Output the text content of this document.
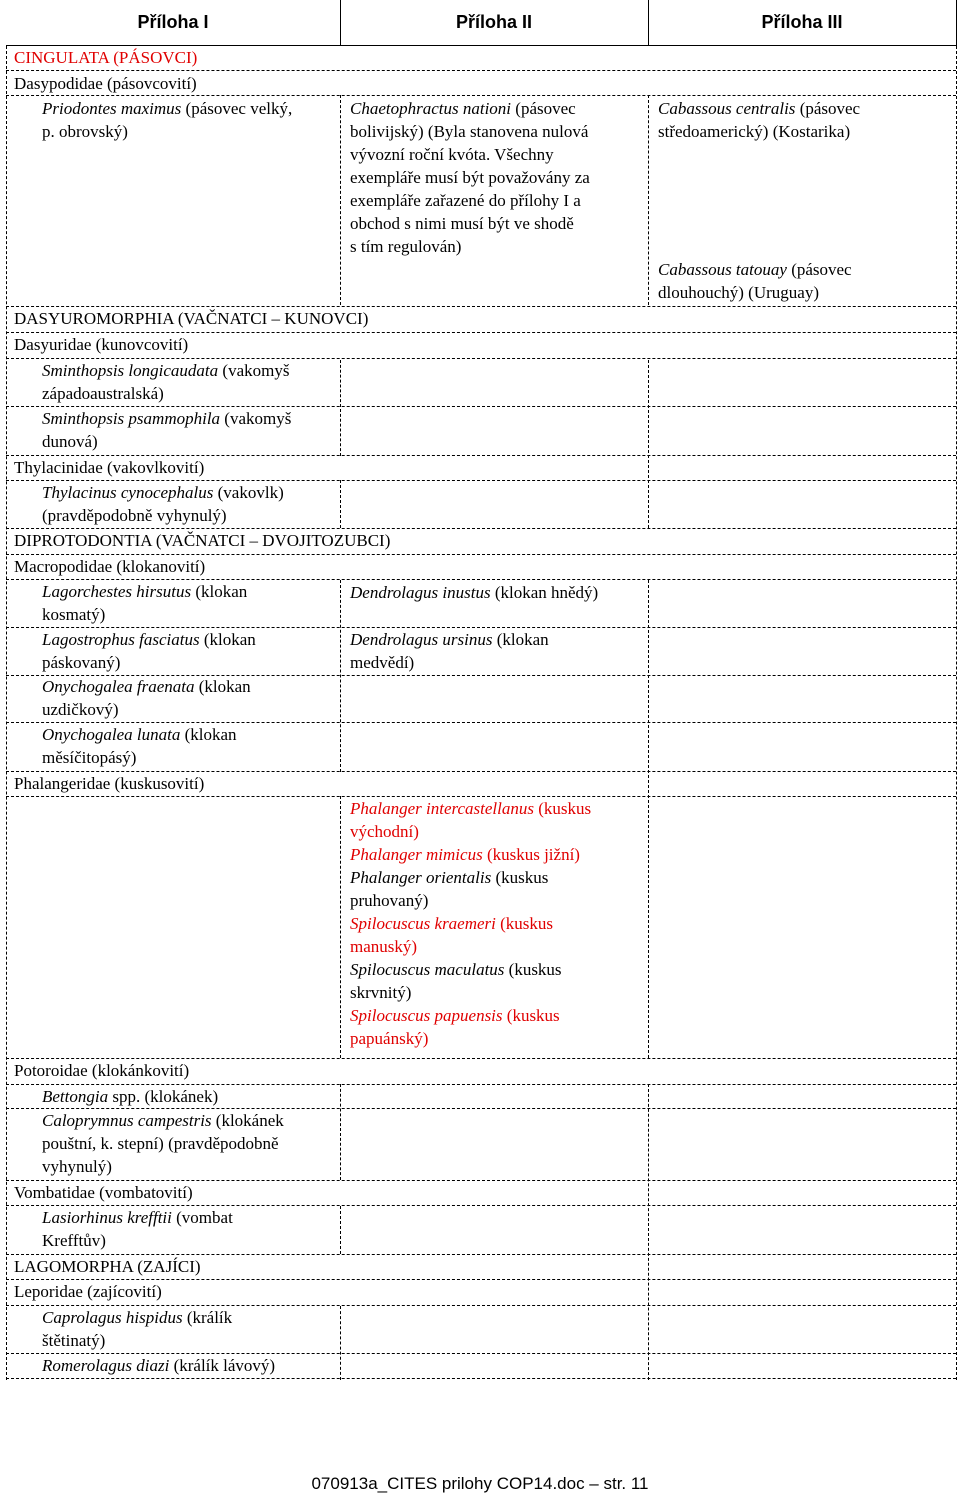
Příloha I	Příloha II	Příloha III
CINGULATA (PÁSOVCI)
Dasypodidae (pásovcovití)
Priodontes maximus (pásovec velký,
p. obrovský)
Chaetophractus nationi (pásovec
bolivijský) (Byla stanovena nulová
vývozní roční kvóta. Všechny
exempláře musí být považovány za
exempláře zařazené do přílohy I a
obchod s nimi musí být ve shodě
s tím regulován)
Cabassous centralis (pásovec
středoamerický) (Kostarika)
Cabassous tatouay (pásovec
dlouhouchý) (Uruguay)
DASYUROMORPHIA (VAČNATCI – KUNOVCI)
Dasyuridae (kunovcovití)
Sminthopsis longicaudata (vakomyš
západoaustralská)
Sminthopsis psammophila (vakomyš
dunová)
Thylacinidae (vakovlkovití)
Thylacinus cynocephalus (vakovlk)
(pravděpodobně vyhynulý)
DIPROTODONTIA (VAČNATCI – DVOJITOZUBCI)
Macropodidae (klokanovití)
Lagorchestes hirsutus (klokan
kosmatý)
Lagostrophus fasciatus (klokan
páskovaný)
Onychogalea fraenata (klokan
uzdičkový)
Onychogalea lunata (klokan
měsíčitopásý)
Dendrolagus inustus (klokan hnědý)
Dendrolagus ursinus (klokan
medvědí)
Phalangeridae (kuskusovití)
Phalanger intercastellanus (kuskus
východní)
Phalanger mimicus (kuskus jižní)
Phalanger orientalis (kuskus
pruhovaný)
Spilocuscus kraemeri (kuskus
manuský)
Spilocuscus maculatus (kuskus
skrvnitý)
Spilocuscus papuensis (kuskus
papuánský)
Potoroidae (klokánkovití)
Bettongia spp. (klokánek)
Caloprymnus campestris (klokánek
pouštní, k. stepní) (pravděpodobně
vyhynulý)
Vombatidae (vombatovití)
Lasiorhinus krefftii (vombat
Krefftův)
LAGOMORPHA (ZAJÍCI)
Leporidae (zajícovití)
Caprolagus hispidus (králík
štětinatý)
Romerolagus diazi (králík lávový)
070913a_CITES prilohy COP14.doc – str. 11
